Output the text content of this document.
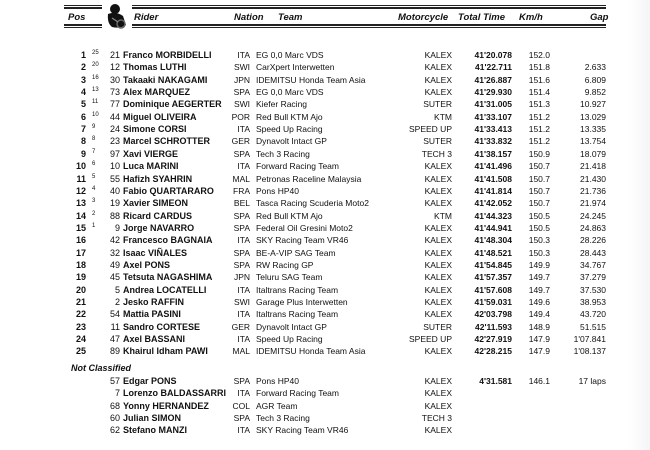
Pos	Rider	Nation Team	Motorcycle Total Time Km/h	Gap
1 25	21 Franco MORBIDELLI	ITA EG 0,0 Marc VDS	KALEX	41'20.078	152.0
2 20	12 Thomas LUTHI	SWI CarXpert Interwetten	KALEX	41'22.711	151.8	2.633
3 16	30 Takaaki NAKAGAMI	JPN IDEMITSU Honda Team Asia	KALEX	41'26.887	151.6	6.809
4 13	73 Alex MARQUEZ	SPA EG 0,0 Marc VDS	KALEX	41'29.930	151.4	9.852
5 11	77 Dominique AEGERTER	SWI Kiefer Racing	SUTER	41'31.005	151.3	10.927
6 10	44 Miguel OLIVEIRA	POR Red Bull KTM Ajo	KTM	41'33.107	151.2	13.029
7 9	24 Simone CORSI	ITA Speed Up Racing	SPEED UP	41'33.413	151.2	13.335
8 8	23 Marcel SCHROTTER	GER Dynavolt Intact GP	SUTER	41'33.832	151.2	13.754
9 7	97 Xavi VIERGE	SPA Tech 3 Racing	TECH 3	41'38.157	150.9	18.079
10 6	10 Luca MARINI	ITA Forward Racing Team	KALEX	41'41.496	150.7	21.418
11 5	55 Hafizh SYAHRIN	MAL Petronas Raceline Malaysia	KALEX	41'41.508	150.7	21.430
12 4	40 Fabio QUARTARARO	FRA Pons HP40	KALEX	41'41.814	150.7	21.736
13 3	19 Xavier SIMEON	BEL Tasca Racing Scuderia Moto2	KALEX	41'42.052	150.7	21.974
14 2	88 Ricard CARDUS	SPA Red Bull KTM Ajo	KTM	41'44.323	150.5	24.245
15 1	9 Jorge NAVARRO	SPA Federal Oil Gresini Moto2	KALEX	41'44.941	150.5	24.863
16	42 Francesco BAGNAIA	ITA SKY Racing Team VR46	KALEX	41'48.304	150.3	28.226
17	32 Isaac VIÑALES	SPA BE-A-VIP SAG Team	KALEX	41'48.521	150.3	28.443
18	49 Axel PONS	SPA RW Racing GP	KALEX	41'54.845	149.9	34.767
19	45 Tetsuta NAGASHIMA	JPN Teluru SAG Team	KALEX	41'57.357	149.7	37.279
20	5 Andrea LOCATELLI	ITA Italtrans Racing Team	KALEX	41'57.608	149.7	37.530
21	2 Jesko RAFFIN	SWI Garage Plus Interwetten	KALEX	41'59.031	149.6	38.953
22	54 Mattia PASINI	ITA Italtrans Racing Team	KALEX	42'03.798	149.4	43.720
23	11 Sandro CORTESE	GER Dynavolt Intact GP	SUTER	42'11.593	148.9	51.515
24	47 Axel BASSANI	ITA Speed Up Racing	SPEED UP	42'27.919	147.9	1'07.841
25	89 Khairul Idham PAWI	MAL IDEMITSU Honda Team Asia	KALEX	42'28.215	147.9	1'08.137
Not Classified
57 Edgar PONS	SPA Pons HP40	KALEX	4'31.581	146.1	17 laps
7 Lorenzo BALDASSARRI	ITA Forward Racing Team	KALEX
68 Yonny HERNANDEZ	COL AGR Team	KALEX
60 Julian SIMON	SPA Tech 3 Racing	TECH 3
62 Stefano MANZI	ITA SKY Racing Team VR46	KALEX
